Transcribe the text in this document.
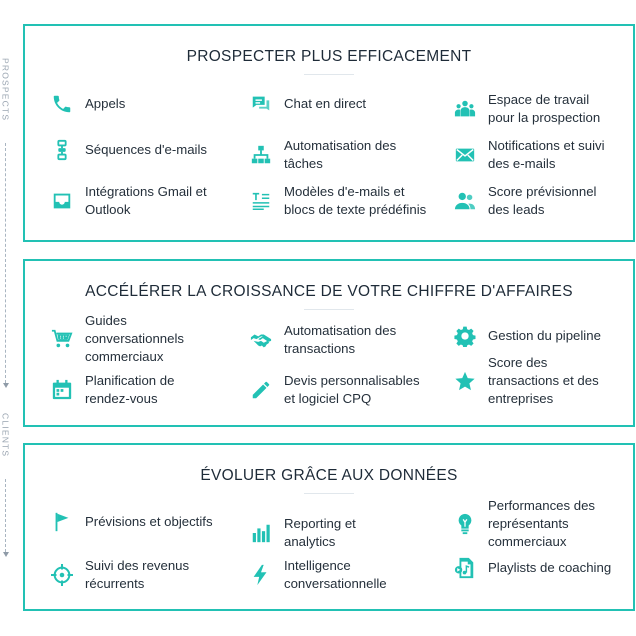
PROSPECTS
CLIENTS
PROSPECTER PLUS EFFICACEMENT
Appels	Chat en direct	Espace de travail
pour la prospection
Séquences d'e-mails	Automatisation des
tâches
Notifications et suivi
des e-mails
Intégrations Gmail et
Outlook
Modèles d'e-mails et
blocs de texte prédéfinis
Score prévisionnel
des leads
ACCÉLÉRER LA CROISSANCE DE VOTRE CHIFFRE D'AFFAIRES
Guides
conversationnels
commerciaux
Automatisation des
transactions
Gestion du pipeline
Planification de
rendez-vous
Devis personnalisables
et logiciel CPQ
Score des
transactions et des
entreprises
ÉVOLUER GRÂCE AUX DONNÉES
Prévisions et objectifs	Reporting et
analytics
Performances des
représentants
commerciaux
Suivi des revenus
récurrents
Intelligence
conversationnelle
Playlists de coaching
